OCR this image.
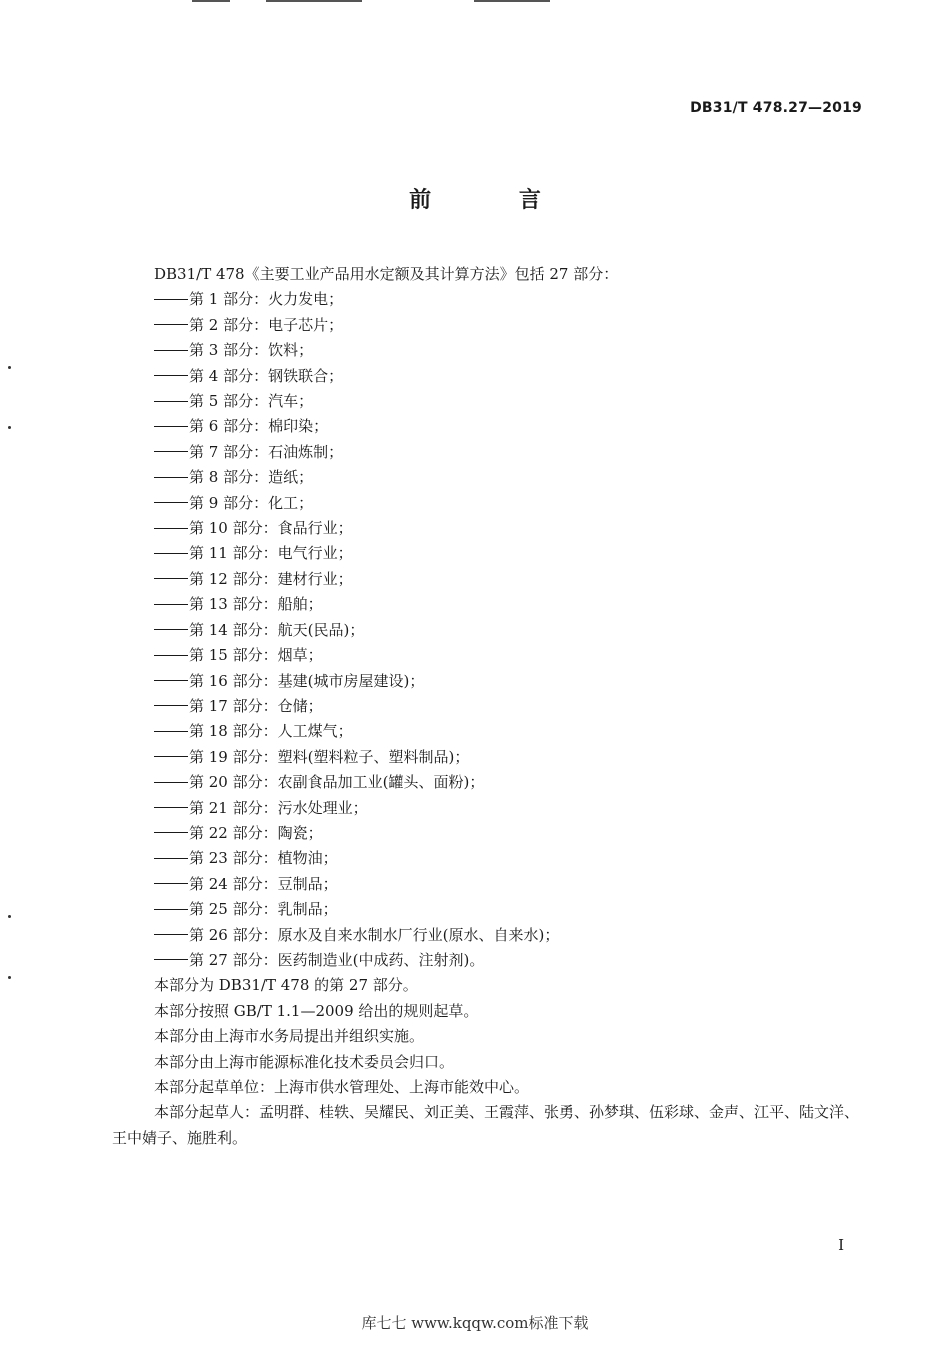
DB31/T 478.27—2019
前 言
DB31/T 478《主要工业产品用水定额及其计算方法》包括 27 部分：
第 1 部分：火力发电；
第 2 部分：电子芯片；
第 3 部分：饮料；
第 4 部分：钢铁联合；
第 5 部分：汽车；
第 6 部分：棉印染；
第 7 部分：石油炼制；
第 8 部分：造纸；
第 9 部分：化工；
第 10 部分：食品行业；
第 11 部分：电气行业；
第 12 部分：建材行业；
第 13 部分：船舶；
第 14 部分：航天(民品)；
第 15 部分：烟草；
第 16 部分：基建(城市房屋建设)；
第 17 部分：仓储；
第 18 部分：人工煤气；
第 19 部分：塑料(塑料粒子、塑料制品)；
第 20 部分：农副食品加工业(罐头、面粉)；
第 21 部分：污水处理业；
第 22 部分：陶瓷；
第 23 部分：植物油；
第 24 部分：豆制品；
第 25 部分：乳制品；
第 26 部分：原水及自来水制水厂行业(原水、自来水)；
第 27 部分：医药制造业(中成药、注射剂)。
本部分为 DB31/T 478 的第 27 部分。
本部分按照 GB/T 1.1—2009 给出的规则起草。
本部分由上海市水务局提出并组织实施。
本部分由上海市能源标准化技术委员会归口。
本部分起草单位：上海市供水管理处、上海市能效中心。
本部分起草人：孟明群、桂轶、吴耀民、刘正美、王霞萍、张勇、孙梦琪、伍彩球、金声、江平、陆文洋、王中婧子、施胜利。
I
库七七 www.kqqw.com标准下载
